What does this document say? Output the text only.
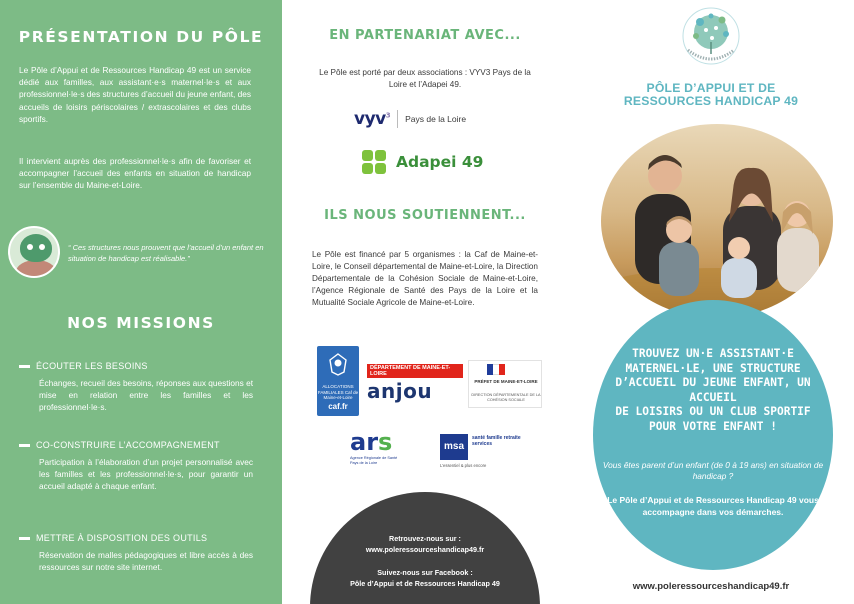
PRÉSENTATION DU PÔLE

Le Pôle d’Appui et de Ressources Handicap 49 est un service dédié aux familles, aux assistant·e·s maternel·le·s et aux professionnel·le·s des structures d’accueil du jeune enfant, des accueils de loisirs périscolaires / extrascolaires et des clubs sportifs.

Il intervient auprès des professionnel·le·s afin de favoriser et accompagner l’accueil des enfants en situation de handicap sur l’ensemble du Maine-et-Loire.

“ Ces structures nous prouvent que l’accueil d’un enfant en situation de handicap est réalisable.”

NOS MISSIONS
ÉCOUTER LES BESOINS

Échanges, recueil des besoins, réponses aux questions et mise en relation entre les familles et les professionnel·le·s.

CO-CONSTRUIRE L’ACCOMPAGNEMENT

Participation à l’élaboration d’un projet personnalisé avec les familles et les professionnel·le·s, pour garantir un accueil adapté à chaque enfant.

METTRE À DISPOSITION DES OUTILS

Réservation de malles pédagogiques et libre accès à des ressources sur notre site internet.

EN PARTENARIAT AVEC...

Le Pôle est porté par deux associations : VYV3 Pays de la Loire et l’Adapei 49.

vyv$^3$ Pays de la Loire
Adapei 49
ILS NOUS SOUTIENNENT...

Le Pôle est financé par 5 organismes : la Caf de Maine-et-Loire, le Conseil départemental de Maine-et-Loire, la Direction Départementale de la Cohésion Sociale de Maine-et-Loire, l’Agence Régionale de Santé des Pays de la Loire et la Mutualité Sociale Agricole de Maine-et-Loire.

ALLOCATIONS FAMILIALES Caf de Maine-et-Loire
caf.fr
DÉPARTEMENT DE MAINE-ET-LOIRE
anjou	PRÉFET DE MAINE-ET-LOIRE
DIRECTION DÉPARTEMENTALE DE LA COHÉSION SOCIALE
ars
Agence Régionale de Santé Pays de la Loire
msa
santé famille retraite services
L’essentiel & plus encore
Retrouvez-nous sur :
www.poleressourceshandicap49.fr
Suivez-nous sur Facebook :
Pôle d’Appui et de Ressources Handicap 49
PÔLE D’APPUI ET DE
RESSOURCES HANDICAP 49
TROUVEZ UN·E ASSISTANT·E
MATERNEL·LE, UNE STRUCTURE
D’ACCUEIL DU JEUNE ENFANT, UN ACCUEIL
DE LOISIRS OU UN CLUB SPORTIF
POUR VOTRE ENFANT !

Vous êtes parent d’un enfant (de 0 à 19 ans) en situation de handicap ?

Le Pôle d’Appui et de Ressources Handicap 49 vous accompagne dans vos démarches.

www.poleressourceshandicap49.fr
